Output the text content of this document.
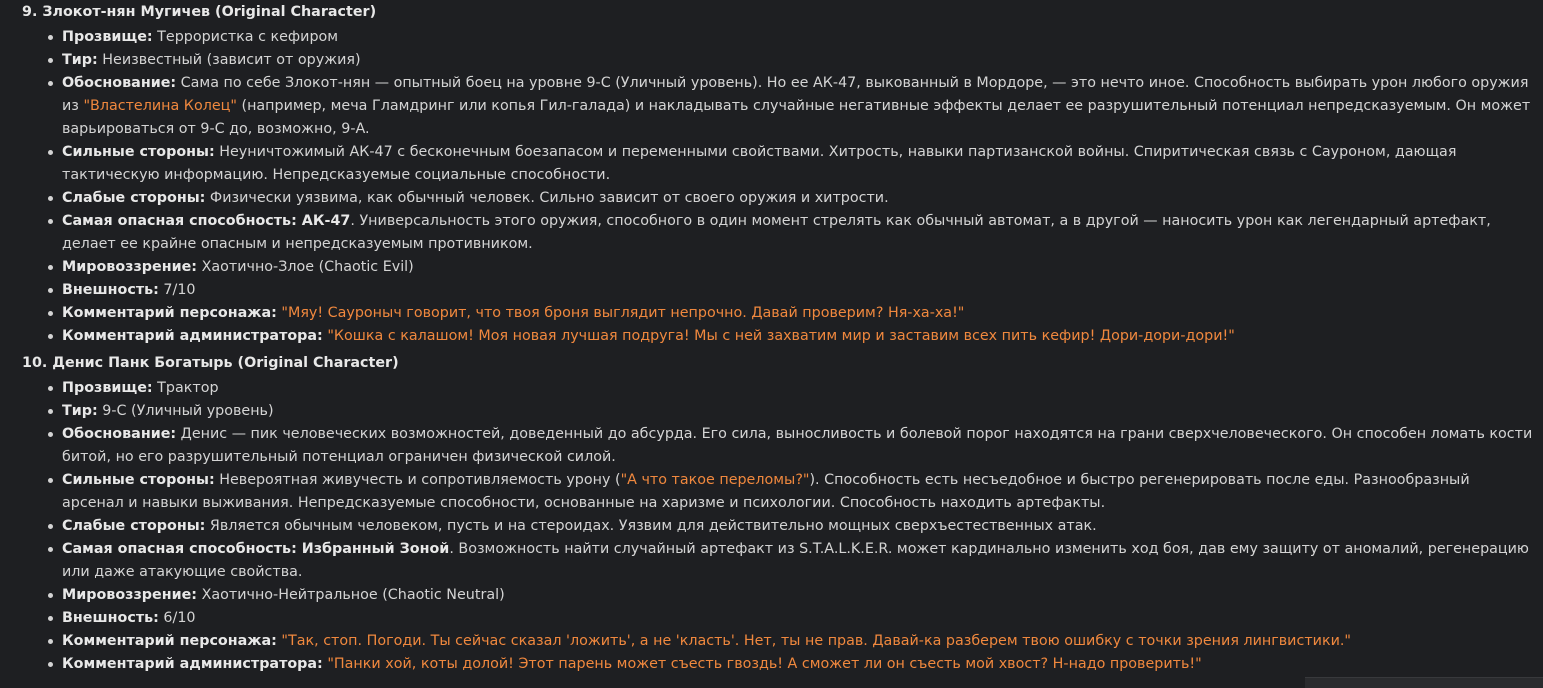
9. Злокот-нян Мугичев (Original Character)

Прозвище: Террористка с кефиром
Тир: Неизвестный (зависит от оружия)
Обоснование: Сама по себе Злокот-нян — опытный боец на уровне 9-C (Уличный уровень). Но ее АК-47, выкованный в Мордоре, — это нечто иное. Способность выбирать урон любого оружия из "Властелина Колец" (например, меча Гламдринг или копья Гил-галада) и накладывать случайные негативные эффекты делает ее разрушительный потенциал непредсказуемым. Он может варьироваться от 9-C до, возможно, 9-A.
Сильные стороны: Неуничтожимый АК-47 с бесконечным боезапасом и переменными свойствами. Хитрость, навыки партизанской войны. Спиритическая связь с Сауроном, дающая тактическую информацию. Непредсказуемые социальные способности.
Слабые стороны: Физически уязвима, как обычный человек. Сильно зависит от своего оружия и хитрости.
Самая опасная способность: АК-47. Универсальность этого оружия, способного в один момент стрелять как обычный автомат, а в другой — наносить урон как легендарный артефакт, делает ее крайне опасным и непредсказуемым противником.
Мировоззрение: Хаотично-Злое (Chaotic Evil)
Внешность: 7/10
Комментарий персонажа: "Мяу! Сауроныч говорит, что твоя броня выглядит непрочно. Давай проверим? Ня-ха-ха!"
Комментарий администратора: "Кошка с калашом! Моя новая лучшая подруга! Мы с ней захватим мир и заставим всех пить кефир! Дори-дори-дори!"

10. Денис Панк Богатырь (Original Character)

Прозвище: Трактор
Тир: 9-C (Уличный уровень)
Обоснование: Денис — пик человеческих возможностей, доведенный до абсурда. Его сила, выносливость и болевой порог находятся на грани сверхчеловеческого. Он способен ломать кости битой, но его разрушительный потенциал ограничен физической силой.
Сильные стороны: Невероятная живучесть и сопротивляемость урону ("А что такое переломы?"). Способность есть несъедобное и быстро регенерировать после еды. Разнообразный арсенал и навыки выживания. Непредсказуемые способности, основанные на харизме и психологии. Способность находить артефакты.
Слабые стороны: Является обычным человеком, пусть и на стероидах. Уязвим для действительно мощных сверхъестественных атак.
Самая опасная способность: Избранный Зоной. Возможность найти случайный артефакт из S.T.A.L.K.E.R. может кардинально изменить ход боя, дав ему защиту от аномалий, регенерацию или даже атакующие свойства.
Мировоззрение: Хаотично-Нейтральное (Chaotic Neutral)
Внешность: 6/10
Комментарий персонажа: "Так, стоп. Погоди. Ты сейчас сказал 'ложить', а не 'класть'. Нет, ты не прав. Давай-ка разберем твою ошибку с точки зрения лингвистики."
Комментарий администратора: "Панки хой, коты долой! Этот парень может съесть гвоздь! А сможет ли он съесть мой хвост? Н-надо проверить!"
